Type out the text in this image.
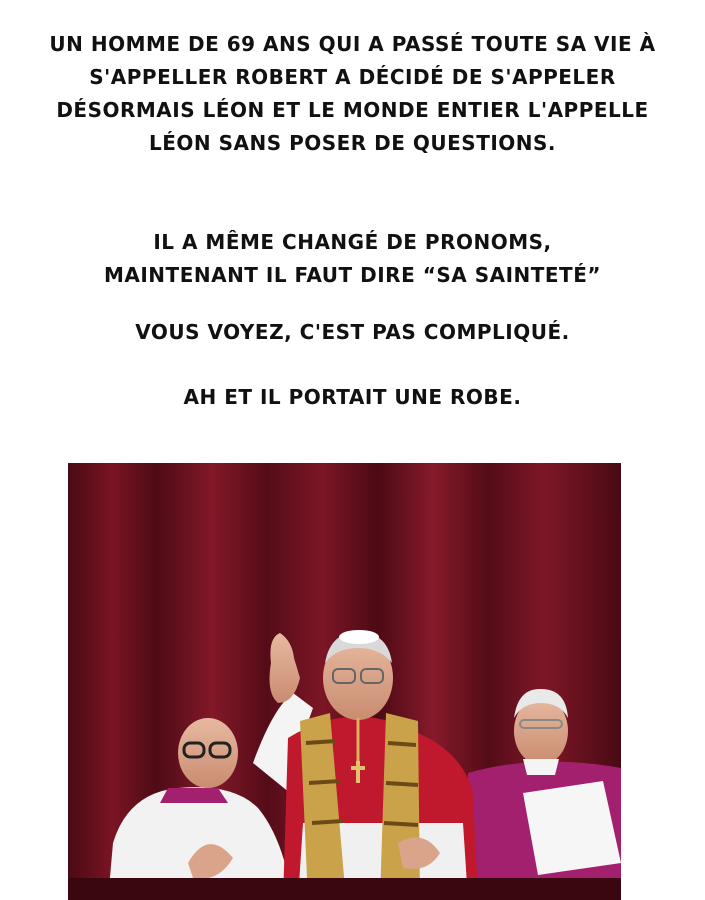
UN HOMME DE 69 ANS QUI A PASSÉ TOUTE SA VIE À S'APPELLER ROBERT A DÉCIDÉ DE S'APPELER DÉSORMAIS LÉON ET LE MONDE ENTIER L'APPELLE LÉON SANS POSER DE QUESTIONS.

IL A MÊME CHANGÉ DE PRONOMS, MAINTENANT IL FAUT DIRE “SA SAINTETÉ”

VOUS VOYEZ, C'EST PAS COMPLIQUÉ.

AH ET IL PORTAIT UNE ROBE.
